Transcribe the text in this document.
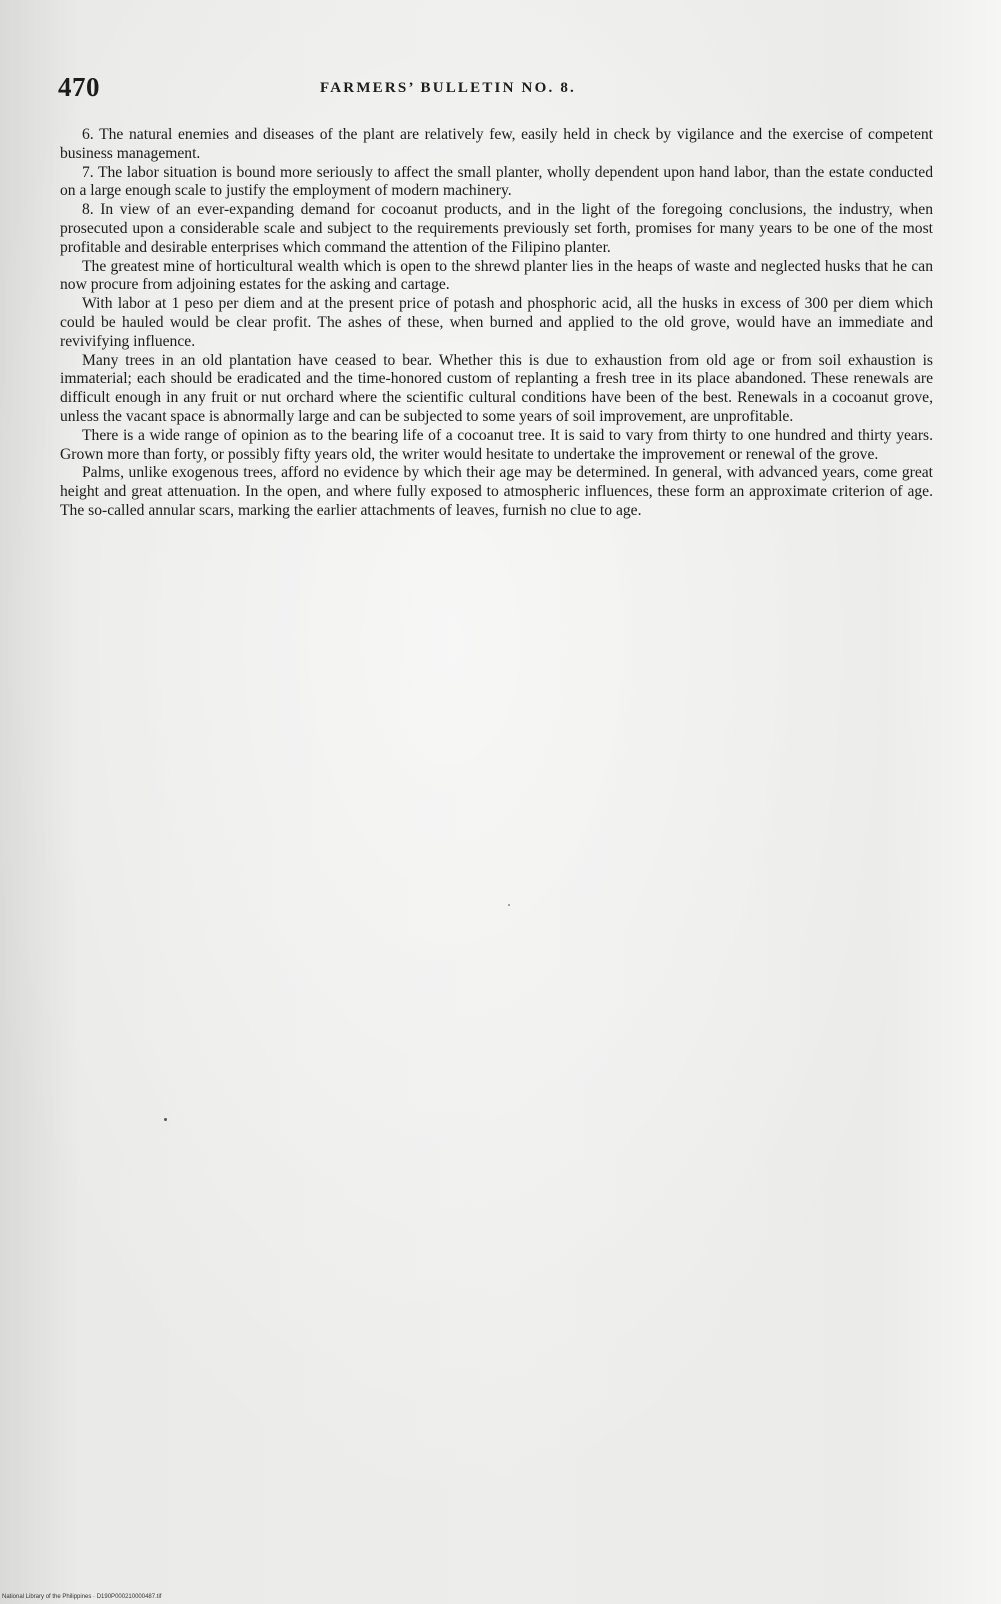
470	FARMERS’ BULLETIN NO. 8.

6. The natural enemies and diseases of the plant are relatively few, easily held in check by vigilance and the exercise of competent business management.

7. The labor situation is bound more seriously to affect the small planter, wholly dependent upon hand labor, than the estate conducted on a large enough scale to justify the employment of modern machinery.

8. In view of an ever-expanding demand for cocoanut products, and in the light of the foregoing conclusions, the industry, when prosecuted upon a considerable scale and subject to the requirements previously set forth, promises for many years to be one of the most profitable and desirable enterprises which command the attention of the Filipino planter.

The greatest mine of horticultural wealth which is open to the shrewd planter lies in the heaps of waste and neglected husks that he can now procure from adjoining estates for the asking and cartage.

With labor at 1 peso per diem and at the present price of potash and phosphoric acid, all the husks in excess of 300 per diem which could be hauled would be clear profit. The ashes of these, when burned and applied to the old grove, would have an immediate and revivifying influence.

Many trees in an old plantation have ceased to bear. Whether this is due to exhaustion from old age or from soil exhaustion is immaterial; each should be eradicated and the time-honored custom of replanting a fresh tree in its place abandoned. These renewals are difficult enough in any fruit or nut orchard where the scientific cultural conditions have been of the best. Renewals in a cocoanut grove, unless the vacant space is abnormally large and can be subjected to some years of soil improvement, are unprofitable.

There is a wide range of opinion as to the bearing life of a cocoanut tree. It is said to vary from thirty to one hundred and thirty years. Grown more than forty, or possibly fifty years old, the writer would hesitate to undertake the improvement or renewal of the grove.

Palms, unlike exogenous trees, afford no evidence by which their age may be determined. In general, with advanced years, come great height and great attenuation. In the open, and where fully exposed to atmospheric influences, these form an approximate criterion of age. The so-called annular scars, marking the earlier attachments of leaves, furnish no clue to age.

National Library of the Philippines · D190P000210000487.tif
